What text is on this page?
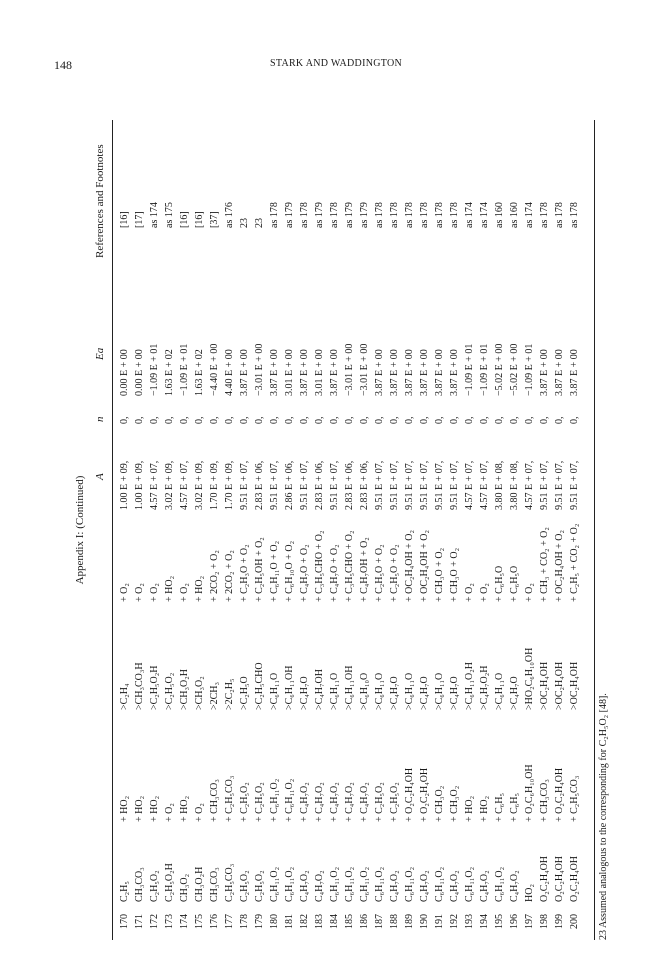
148	STARK AND WADDINGTON
Appendix I: (Continued) A
n
Ea
References and Footnotes
170
C₂H₅
+ HO₂
>C₂H₄
+ O₂
1.00 E + 09,
0,
0.00 E + 00
[16]
171
CH₃CO₃
+ HO₂
>CH₃CO₃H
+ O₂
1.00 E + 09,
0,
0.00 E + 00
[17]
172
C₂H₅O₂
+ HO₂
>C₂H₅O₂H
+ O₂
4.57 E + 07,
0,
−1.09 E + 01
as 174
173
C₂H₅O₂H
+ O₂
>C₂H₅O₂
+ HO₂
3.02 E + 09,
0,
1.63 E + 02
as 175
174
CH₃O₂
+ HO₂
>CH₃O₂H
+ O₂
4.57 E + 07,
0,
−1.09 E + 01
[16]
175
CH₃O₂H
+ O₂
>CH₃O₂
+ HO₂
3.02 E + 09,
0,
1.63 E + 02
[16]
176
CH₃CO₃
+ CH₃CO₃
>2CH₃
+ 2CO₂ + O₂
1.70 E + 09,
0,
−4.40 E + 00
[37]
177
C₂H₅CO₃
+ C₂H₅CO₃
>2C₂H₅
+ 2CO₂ + O₂
1.70 E + 09,
0,
4.40 E + 00
as 176
178
C₂H₅O₂
+ C₂H₅O₂
>C₂H₅O
+ C₂H₃O + O₂
9.51 E + 07,
0,
3.87 E + 00
23
179
C₂H₅O₂
+ C₂H₅O₂
>C₂H₅CHO
+ C₂H₅OH + O₂
2.83 E + 06,
0,
−3.01 E + 00
23
180
C₆H₁₁O₂
+ C₆H₁₁O₂
>C₆H₁₁O
+ C₆H₁₁O + O₂
9.51 E + 07,
0,
3.87 E + 00
as 178
181
C₆H₁₁O₂
+ C₆H₁₁O₂
>C₆H₁₁OH
+ C₆H₁₀O + O₂
2.86 E + 06,
0,
3.01 E + 00
as 179
182
C₄H₇O₂
+ C₄H₇O₂
>C₄H₇O
+ C₄H₇O + O₂
9.51 E + 07,
0,
3.87 E + 00
as 178
183
C₄H₇O₂
+ C₄H₇O₂
>C₄H₇OH
+ C₃H₅CHO + O₂
2.83 E + 06,
0,
3.01 E + 00
as 179
184
C₆H₁₁O₂
+ C₄H₇O₂
>C₆H₁₁O
+ C₄H₇O + O₂
9.51 E + 07,
0,
3.87 E + 00
as 178
185
C₆H₁₁O₂
+ C₄H₇O₂
>C₆H₁₁OH
+ C₃H₅CHO + O₂
2.83 E + 06,
0,
−3.01 E + 00
as 179
186
C₆H₁₁O₂
+ C₄H₇O₂
>C₆H₁₀O
+ C₄H₇OH + O₂
2.83 E + 06,
0,
−3.01 E + 00
as 179
187
C₆H₁₁O₂
+ C₂H₅O₂
>C₆H₁₁O
+ C₂H₅O + O₂
9.51 E + 07,
0,
3.87 E + 00
as 178
188
C₄H₇O₂
+ C₂H₅O₂
>C₄H₇O
+ C₂H₅O + O₂
9.51 E + 07,
0,
3.87 E + 00
as 178
189
C₆H₁₁O₂
+ O₂C₂H₄OH
>C₆H₁₁O
+ OC₂H₄OH + O₂
9.51 E + 07,
0,
3.87 E + 00
as 178
190
C₄H₇O₂
+ O₂C₂H₄OH
>C₄H₇O
+ OC₂H₄OH + O₂
9.51 E + 07,
0,
3.87 E + 00
as 178
191
C₆H₁₁O₂
+ CH₃O₂
>C₆H₁₁O
+ CH₃O + O₂
9.51 E + 07,
0,
3.87 E + 00
as 178
192
C₄H₇O₂
+ CH₃O₂
>C₄H₇O
+ CH₃O + O₂
9.51 E + 07,
0,
3.87 E + 00
as 178
193
C₆H₁₁O₂
+ HO₂
>C₆H₁₁O₂H
+ O₂
4.57 E + 07,
0,
−1.09 E + 01
as 174
194
C₄H₇O₂
+ HO₂
>C₄H₇O₂H
+ O₂
4.57 E + 07,
0,
−1.09 E + 01
as 174
195
C₆H₁₁O₂
+ C₆H₅
>C₆H₁₁O
+ C₆H₅O
3.80 E + 08,
0,
−5.02 E + 00
as 160
196
C₄H₇O₂
+ C₆H₅
>C₄H₇O
+ C₆H₅O
3.80 E + 08,
0,
−5.02 E + 00
as 160
197
HO₂
+ O₂C₆H₁₀OH
>HO₂C₆H₁₀OH
+ O₂
4.57 E + 07,
0,
−1.09 E + 01
as 174
198
O₂C₂H₄OH
+ CH₃CO₃
>OC₂H₄OH
+ CH₃ + CO₂ + O₂
9.51 E + 07,
0,
3.87 E + 00
as 178
199
O₂C₂H₄OH
+ O₂C₂H₄OH
>OC₂H₄OH
+ OC₂H₄OH + O₂
9.51 E + 07,
0,
3.87 E + 00
as 178
200
O₂C₂H₄OH
+ C₂H₅CO₃
>OC₂H₄OH
+ C₂H₅ + CO₂ + O₂
9.51 E + 07,
0,
3.87 E + 00
as 178
23 Assumed analogous to the corresponding for C₂H₅O₂ [48].
